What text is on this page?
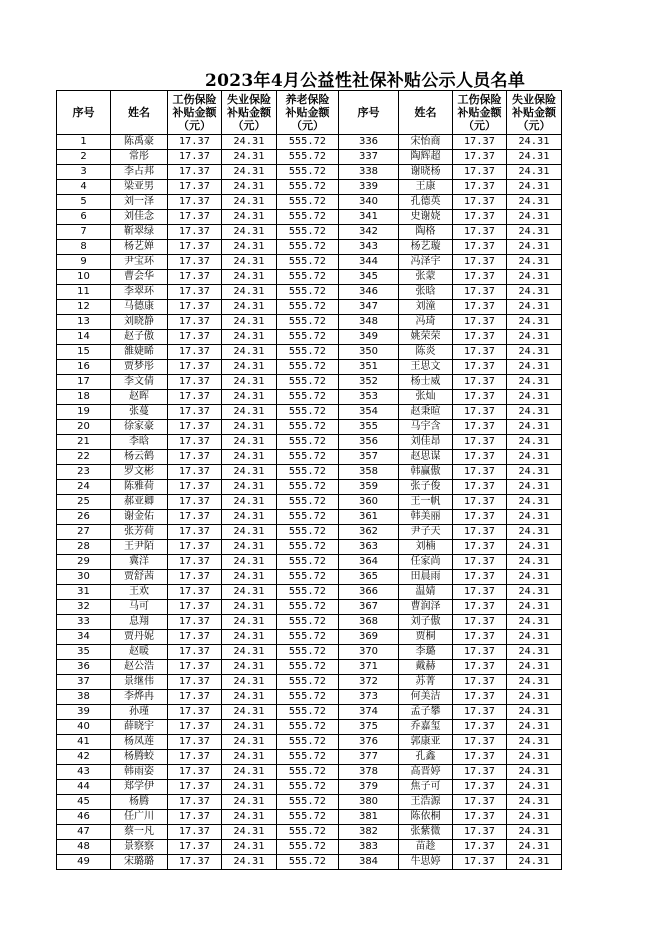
2023年4月公益性社保补贴公示人员名单
序号	姓名	工伤保险
补贴金额
（元）	失业保险
补贴金额
（元）	养老保险
补贴金额
（元）	序号	姓名	工伤保险
补贴金额
（元）	失业保险
补贴金额
（元）

1	陈禹豪	17.37	24.31	555.72	336	宋怡商	17.37	24.31
2	常彤	17.37	24.31	555.72	337	陶辉超	17.37	24.31
3	李占邦	17.37	24.31	555.72	338	谢晓杨	17.37	24.31
4	梁亚男	17.37	24.31	555.72	339	王康	17.37	24.31
5	刘一泽	17.37	24.31	555.72	340	孔德英	17.37	24.31
6	刘佳念	17.37	24.31	555.72	341	史谢娆	17.37	24.31
7	靳翠绿	17.37	24.31	555.72	342	陶格	17.37	24.31
8	杨艺婵	17.37	24.31	555.72	343	杨艺璇	17.37	24.31
9	尹宝环	17.37	24.31	555.72	344	冯泽宇	17.37	24.31
10	曹会华	17.37	24.31	555.72	345	张蒙	17.37	24.31
11	李翠环	17.37	24.31	555.72	346	张晗	17.37	24.31
12	马德康	17.37	24.31	555.72	347	刘潼	17.37	24.31
13	刘晓静	17.37	24.31	555.72	348	冯琦	17.37	24.31
14	赵子傲	17.37	24.31	555.72	349	姚荣荣	17.37	24.31
15	雒婕睎	17.37	24.31	555.72	350	陈炎	17.37	24.31
16	贾梦彤	17.37	24.31	555.72	351	王思文	17.37	24.31
17	李文倩	17.37	24.31	555.72	352	杨士威	17.37	24.31
18	赵晖	17.37	24.31	555.72	353	张灿	17.37	24.31
19	张蔓	17.37	24.31	555.72	354	赵秉暄	17.37	24.31
20	徐家豪	17.37	24.31	555.72	355	马宇含	17.37	24.31
21	李晗	17.37	24.31	555.72	356	刘佳昂	17.37	24.31
22	杨云鹤	17.37	24.31	555.72	357	赵思谋	17.37	24.31
23	罗文彬	17.37	24.31	555.72	358	韩赢傲	17.37	24.31
24	陈雅荷	17.37	24.31	555.72	359	张子俊	17.37	24.31
25	郝亚卿	17.37	24.31	555.72	360	王一帆	17.37	24.31
26	谢金佑	17.37	24.31	555.72	361	韩美丽	17.37	24.31
27	张芳荷	17.37	24.31	555.72	362	尹子天	17.37	24.31
28	王尹陌	17.37	24.31	555.72	363	刘楠	17.37	24.31
29	冀洋	17.37	24.31	555.72	364	任家尚	17.37	24.31
30	贾舒茜	17.37	24.31	555.72	365	田晨雨	17.37	24.31
31	王欢	17.37	24.31	555.72	366	温婧	17.37	24.31
32	马可	17.37	24.31	555.72	367	曹润泽	17.37	24.31
33	息翔	17.37	24.31	555.72	368	刘子傲	17.37	24.31
34	贾丹妮	17.37	24.31	555.72	369	贾桐	17.37	24.31
35	赵暖	17.37	24.31	555.72	370	李璐	17.37	24.31
36	赵公浩	17.37	24.31	555.72	371	戴赫	17.37	24.31
37	景继伟	17.37	24.31	555.72	372	苏菁	17.37	24.31
38	李烨冉	17.37	24.31	555.72	373	何美洁	17.37	24.31
39	孙瑾	17.37	24.31	555.72	374	孟子攀	17.37	24.31
40	薛晓宇	17.37	24.31	555.72	375	乔嘉玺	17.37	24.31
41	杨凤莲	17.37	24.31	555.72	376	郭康亚	17.37	24.31
42	杨腾蛟	17.37	24.31	555.72	377	孔鑫	17.37	24.31
43	韩雨姿	17.37	24.31	555.72	378	高晋婷	17.37	24.31
44	郑学伊	17.37	24.31	555.72	379	焦子可	17.37	24.31
45	杨腾	17.37	24.31	555.72	380	王浩源	17.37	24.31
46	任广川	17.37	24.31	555.72	381	陈依桐	17.37	24.31
47	蔡一凡	17.37	24.31	555.72	382	张紫微	17.37	24.31
48	景察察	17.37	24.31	555.72	383	苗趁	17.37	24.31
49	宋璐璐	17.37	24.31	555.72	384	牛思婷	17.37	24.31
